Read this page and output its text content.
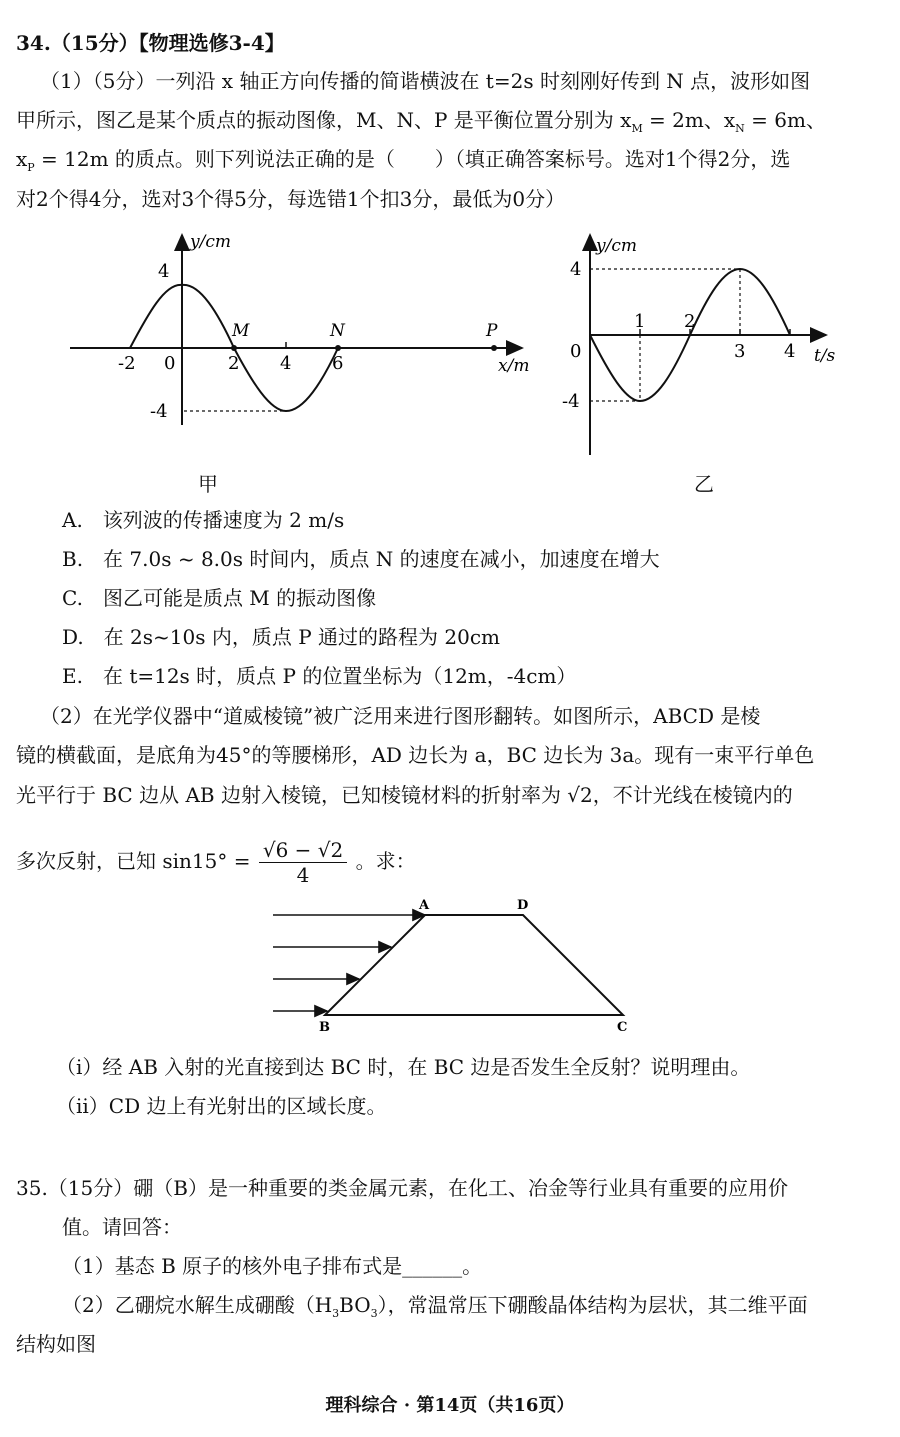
34.（15分）【物理选修3-4】
（1）（5分）一列沿 x 轴正方向传播的简谐横波在 t=2s 时刻刚好传到 N 点，波形如图
甲所示，图乙是某个质点的振动图像，M、N、P 是平衡位置分别为 $x_M = 2m$、$x_N = 6m$、
$x_P = 12m$ 的质点。则下列说法正确的是（　　）（填正确答案标号。选对1个得2分，选
对2个得4分，选对3个得5分，每选错1个扣3分，最低为0分）
y/cm
x/m
4
-4
-2 0	2 4 6
M	N	P
甲
y/cm
t/s
4
-4
0
1 2
3 4
乙
A.　该列波的传播速度为 2 m/s
B.　在 7.0s ~ 8.0s 时间内，质点 N 的速度在减小，加速度在增大
C.　图乙可能是质点 M 的振动图像
D.　在 2s~10s 内，质点 P 通过的路程为 20cm
E.　在 t=12s 时，质点 P 的位置坐标为（12m，-4cm）
（2）在光学仪器中“道威棱镜”被广泛用来进行图形翻转。如图所示，ABCD 是棱
镜的横截面，是底角为45°的等腰梯形，AD 边长为 a，BC 边长为 3a。现有一束平行单色
光平行于 BC 边从 AB 边射入棱镜，已知棱镜材料的折射率为 √2，不计光线在棱镜内的
多次反射，已知 $\sin 15^\circ = \frac{√6 - √2}{4}$ 。求：
A	D
B	C
（ⅰ）经 AB 入射的光直接到达 BC 时，在 BC 边是否发生全反射？说明理由。
（ⅱ）CD 边上有光射出的区域长度。
35.（15分）硼（B）是一种重要的类金属元素，在化工、冶金等行业具有重要的应用价
值。请回答：
（1）基态 B 原子的核外电子排布式是______。
（2）乙硼烷水解生成硼酸$(H_3BO_3)$，常温常压下硼酸晶体结构为层状，其二维平面
结构如图
理科综合 · 第14页（共16页）
